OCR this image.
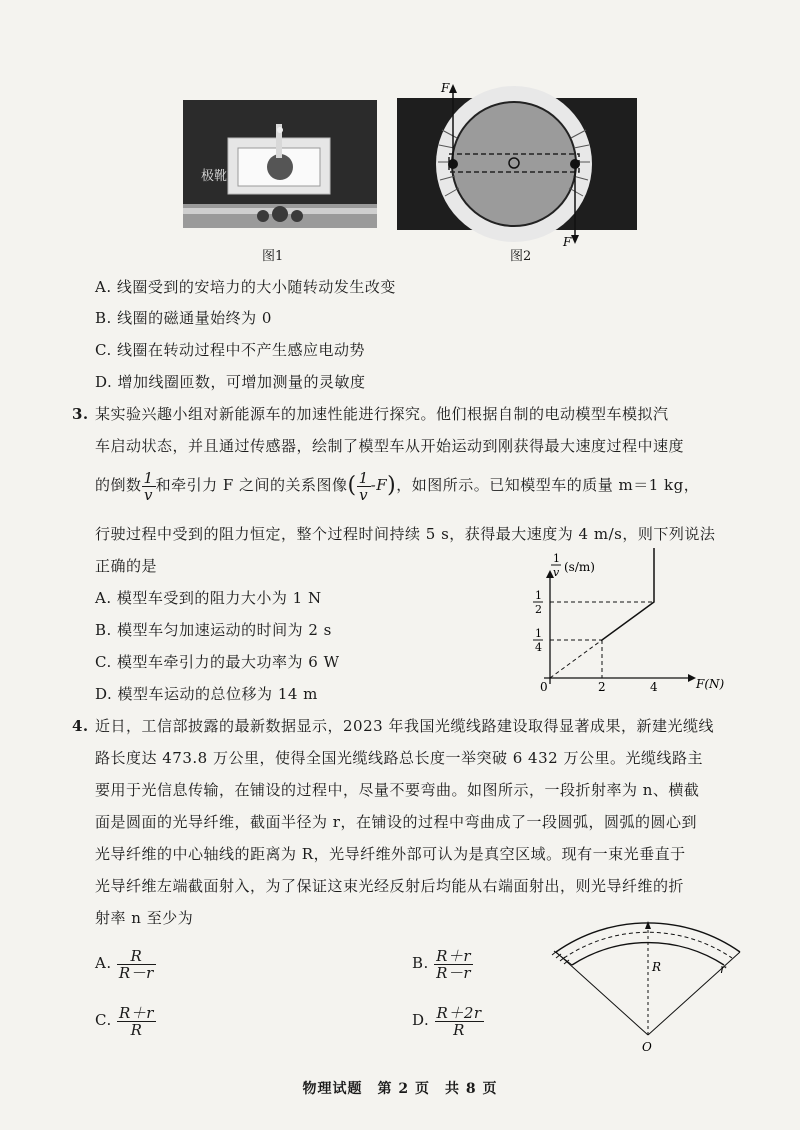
极靴
图1
F
F
图2
A. 线圈受到的安培力的大小随转动发生改变
B. 线圈的磁通量始终为 0
C. 线圈在转动过程中不产生感应电动势
D. 增加线圈匝数，可增加测量的灵敏度
3. 某实验兴趣小组对新能源车的加速性能进行探究。他们根据自制的电动模型车模拟汽
车启动状态，并且通过传感器，绘制了模型车从开始运动到刚获得最大速度过程中速度
的倒数 $\frac{1}{v}$ 和牵引力 F 之间的关系图像( $\frac{1}{v} -F$)，如图所示。已知模型车的质量 m＝1 kg，
行驶过程中受到的阻力恒定，整个过程时间持续 5 s，获得最大速度为 4 m/s，则下列说法
正确的是
A. 模型车受到的阻力大小为 1 N
B. 模型车匀加速运动的时间为 2 s
C. 模型车牵引力的最大功率为 6 W
D. 模型车运动的总位移为 14 m
1
v (s/m)
F(N)
0	2	4
1
4
1
2
4. 近日，工信部披露的最新数据显示，2023 年我国光缆线路建设取得显著成果，新建光缆线
路长度达 473.8 万公里，使得全国光缆线路总长度一举突破 6 432 万公里。光缆线路主
要用于光信息传输，在铺设的过程中，尽量不要弯曲。如图所示，一段折射率为 n、横截
面是圆面的光导纤维，截面半径为 r，在铺设的过程中弯曲成了一段圆弧，圆弧的圆心到
光导纤维的中心轴线的距离为 R，光导纤维外部可认为是真空区域。现有一束光垂直于
光导纤维左端截面射入，为了保证这束光经反射后均能从右端面射出，则光导纤维的折
射率 n 至少为
A. $\frac{R}{R-r}$	B. $\frac{R+r}{R-r}$
C. $\frac{R+r}{R}$	D. $\frac{R+2r}{R}$
R	r
O
物理试题　第 2 页　共 8 页
